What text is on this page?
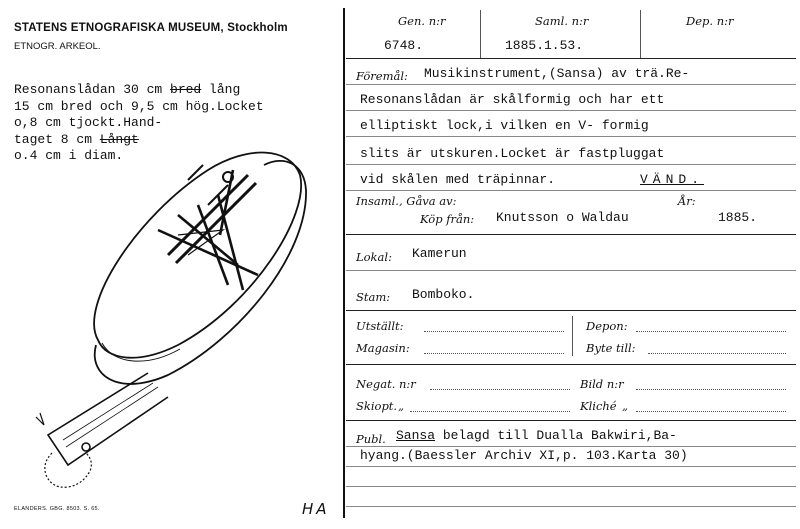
STATENS ETNOGRAFISKA MUSEUM, Stockholm
ETNOGR. ARKEOL.
Resonanslådan 30 cm bred lång
15 cm bred och 9,5 cm hög.Locket
o,8 cm tjockt.Hand-
taget 8 cm Långt
o.4 cm i diam.
ELANDERS. GBG. 8503. S. 65.	HA
Gen. n:r	Saml. n:r	Dep. n:r
6748.	1885.1.53.
Föremål: Musikinstrument,(Sansa) av trä.Re-
Resonanslådan är skålformig och har ett
elliptiskt lock,i vilken en V- formig
slits är utskuren.Locket är fastpluggat
vid skålen med träpinnar.	VÄND.
Insaml., Gåva av:	År:
Köp från: Knutsson o Waldau	1885.
Lokal: Kamerun
Stam: Bomboko.
Utställt:	Depon:
Magasin:	Byte till:
Negat. n:r	Bild n:r
Skiopt. „	Kliché „
Publ. Sansa belagd till Dualla Bakwiri,Ba-
hyang.(Baessler Archiv XI,p. 103.Karta 30)
